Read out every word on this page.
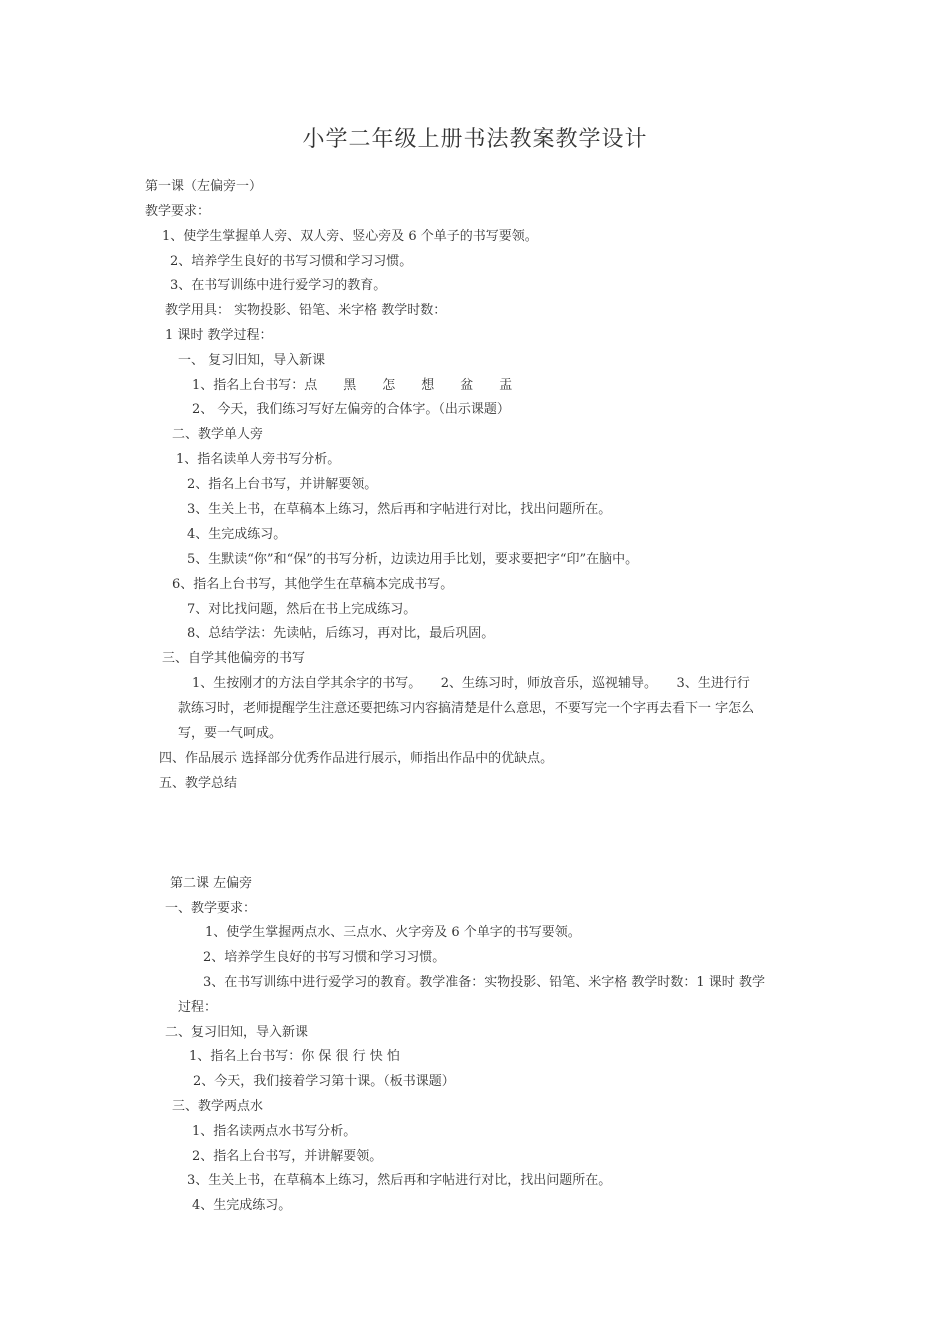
小学二年级上册书法教案教学设计
第一课（左偏旁一）
教学要求：
1、使学生掌握单人旁、双人旁、竖心旁及 6 个单子的书写要领。
2、培养学生良好的书写习惯和学习习惯。
3、在书写训练中进行爱学习的教育。
教学用具： 实物投影、铅笔、米字格 教学时数：
1 课时 教学过程：
一、 复习旧知，导入新课
1、指名上台书写：点　　黑　　怎　　想　　盆　　盂
2、 今天，我们练习写好左偏旁的合体字。（出示课题）
二、教学单人旁
1、指名读单人旁书写分析。
2、指名上台书写，并讲解要领。
3、生关上书，在草稿本上练习，然后再和字帖进行对比，找出问题所在。
4、生完成练习。
5、生默读“你”和“保”的书写分析，边读边用手比划，要求要把字“印”在脑中。
6、指名上台书写，其他学生在草稿本完成书写。
7、对比找问题，然后在书上完成练习。
8、总结学法：先读帖，后练习，再对比，最后巩固。
三、自学其他偏旁的书写
1、生按刚才的方法自学其余字的书写。　　2、生练习时，师放音乐，巡视辅导。　　3、生进行行
款练习时，老师提醒学生注意还要把练习内容搞清楚是什么意思，不要写完一个字再去看下一 字怎么
写，要一气呵成。
四、作品展示 选择部分优秀作品进行展示，师指出作品中的优缺点。
五、教学总结
第二课 左偏旁
一、教学要求：
1、使学生掌握两点水、三点水、火字旁及 6 个单字的书写要领。
2、培养学生良好的书写习惯和学习习惯。
3、在书写训练中进行爱学习的教育。教学准备：实物投影、铅笔、米字格 教学时数：1 课时 教学
过程：
二、复习旧知，导入新课
1、指名上台书写：你 保 很 行 快 怕
2、今天，我们接着学习第十课。（板书课题）
三、教学两点水
1、指名读两点水书写分析。
2、指名上台书写，并讲解要领。
3、生关上书，在草稿本上练习，然后再和字帖进行对比，找出问题所在。
4、生完成练习。
